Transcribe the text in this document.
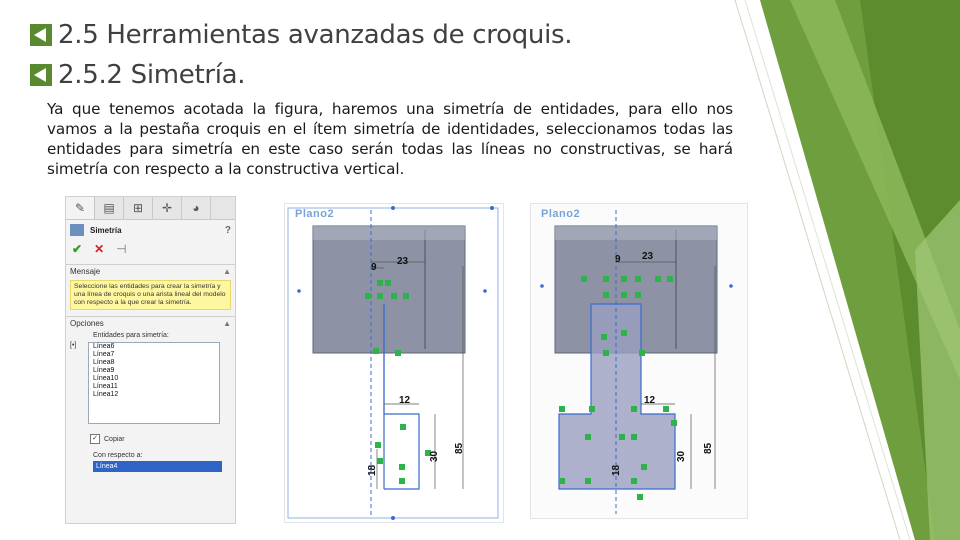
2.5 Herramientas avanzadas de croquis.
2.5.2 Simetría.
Ya que tenemos acotada la figura, haremos una simetría de entidades, para ello nos vamos a la pestaña croquis en el ítem simetría de identidades, seleccionamos todas las entidades para simetría en este caso serán todas las líneas no constructivas, se hará simetría con respecto a la constructiva vertical.
✎	▤	⊞	✛	◕
Simetría	?
✔ ✕ ⊣
Mensaje	▲
Seleccione las entidades para crear la simetría y una línea de croquis o una arista lineal del modelo con respecto a la que crear la simetría.
Opciones	▲
Entidades para simetría:
[•]	Línea6
Línea7
Línea8
Línea9
Línea10
Línea11
Línea12
✓ Copiar
Con respecto a:
Línea4
Plano2
9
23
12
85
30
18
Plano2
9 23
12
85
30
18
